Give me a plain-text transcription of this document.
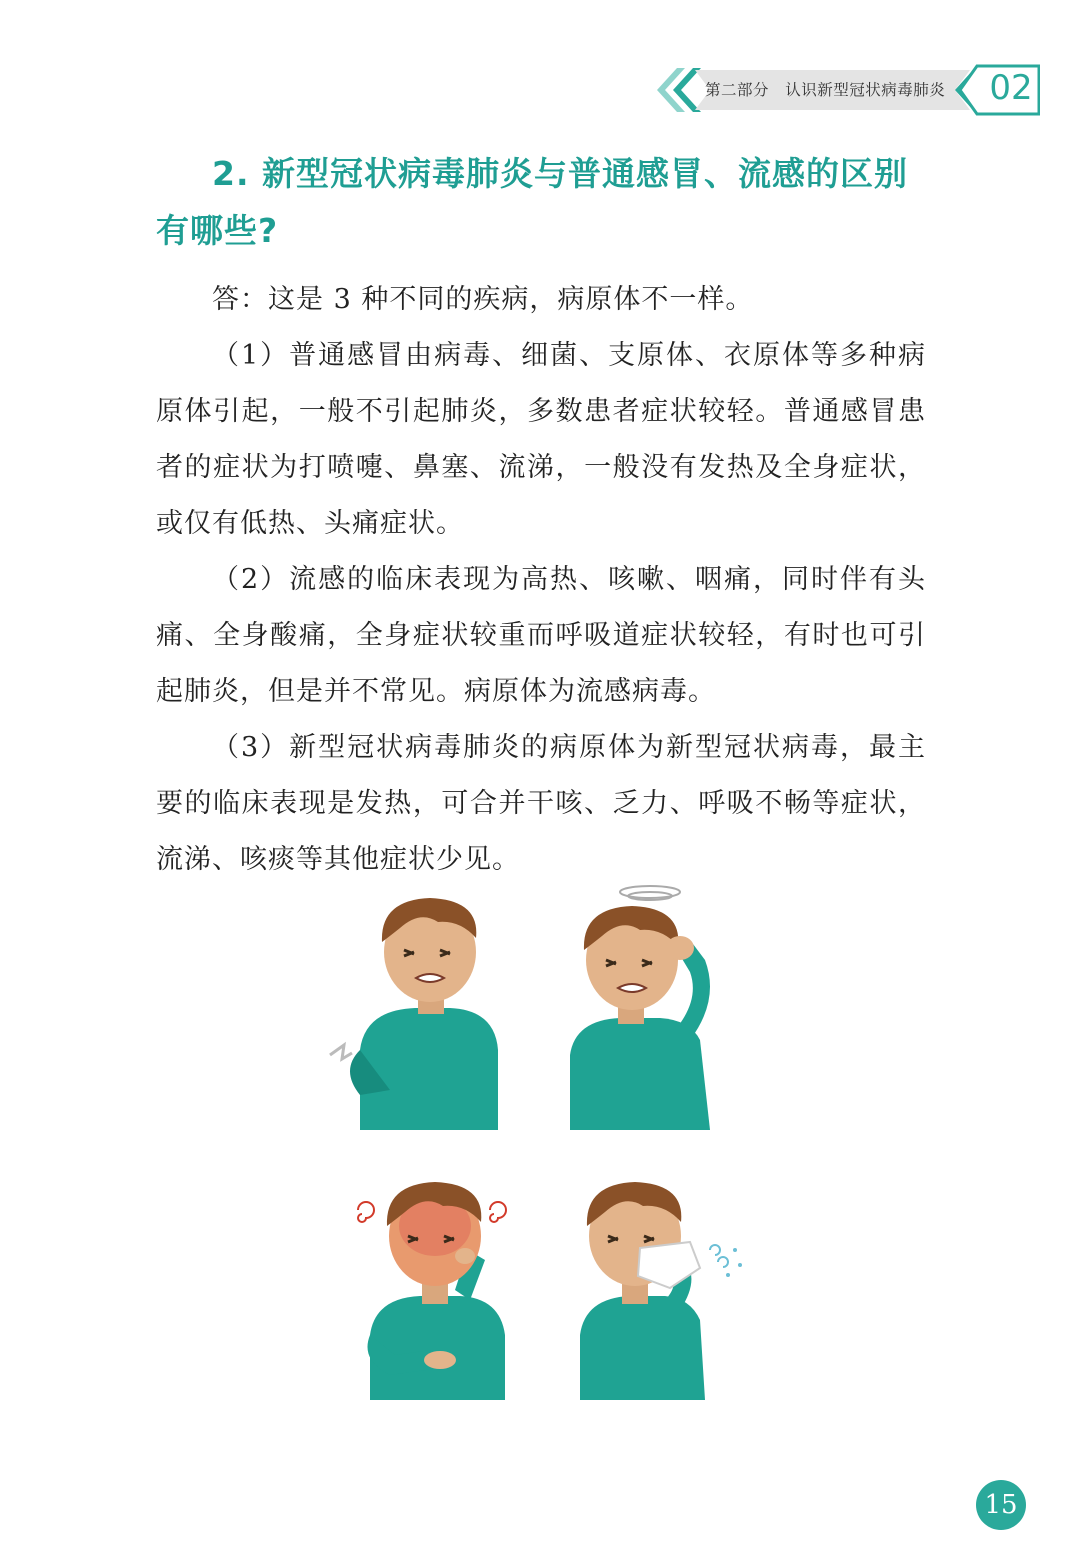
第二部分 认识新型冠状病毒肺炎 02
2. 新型冠状病毒肺炎与普通感冒、流感的区别有哪些?

答：这是 3 种不同的疾病，病原体不一样。

（1）普通感冒由病毒、细菌、支原体、衣原体等多种病原体引起，一般不引起肺炎，多数患者症状较轻。普通感冒患者的症状为打喷嚏、鼻塞、流涕，一般没有发热及全身症状，或仅有低热、头痛症状。

（2）流感的临床表现为高热、咳嗽、咽痛，同时伴有头痛、全身酸痛，全身症状较重而呼吸道症状较轻，有时也可引起肺炎，但是并不常见。病原体为流感病毒。

（3）新型冠状病毒肺炎的病原体为新型冠状病毒，最主要的临床表现是发热，可合并干咳、乏力、呼吸不畅等症状，流涕、咳痰等其他症状少见。

15
